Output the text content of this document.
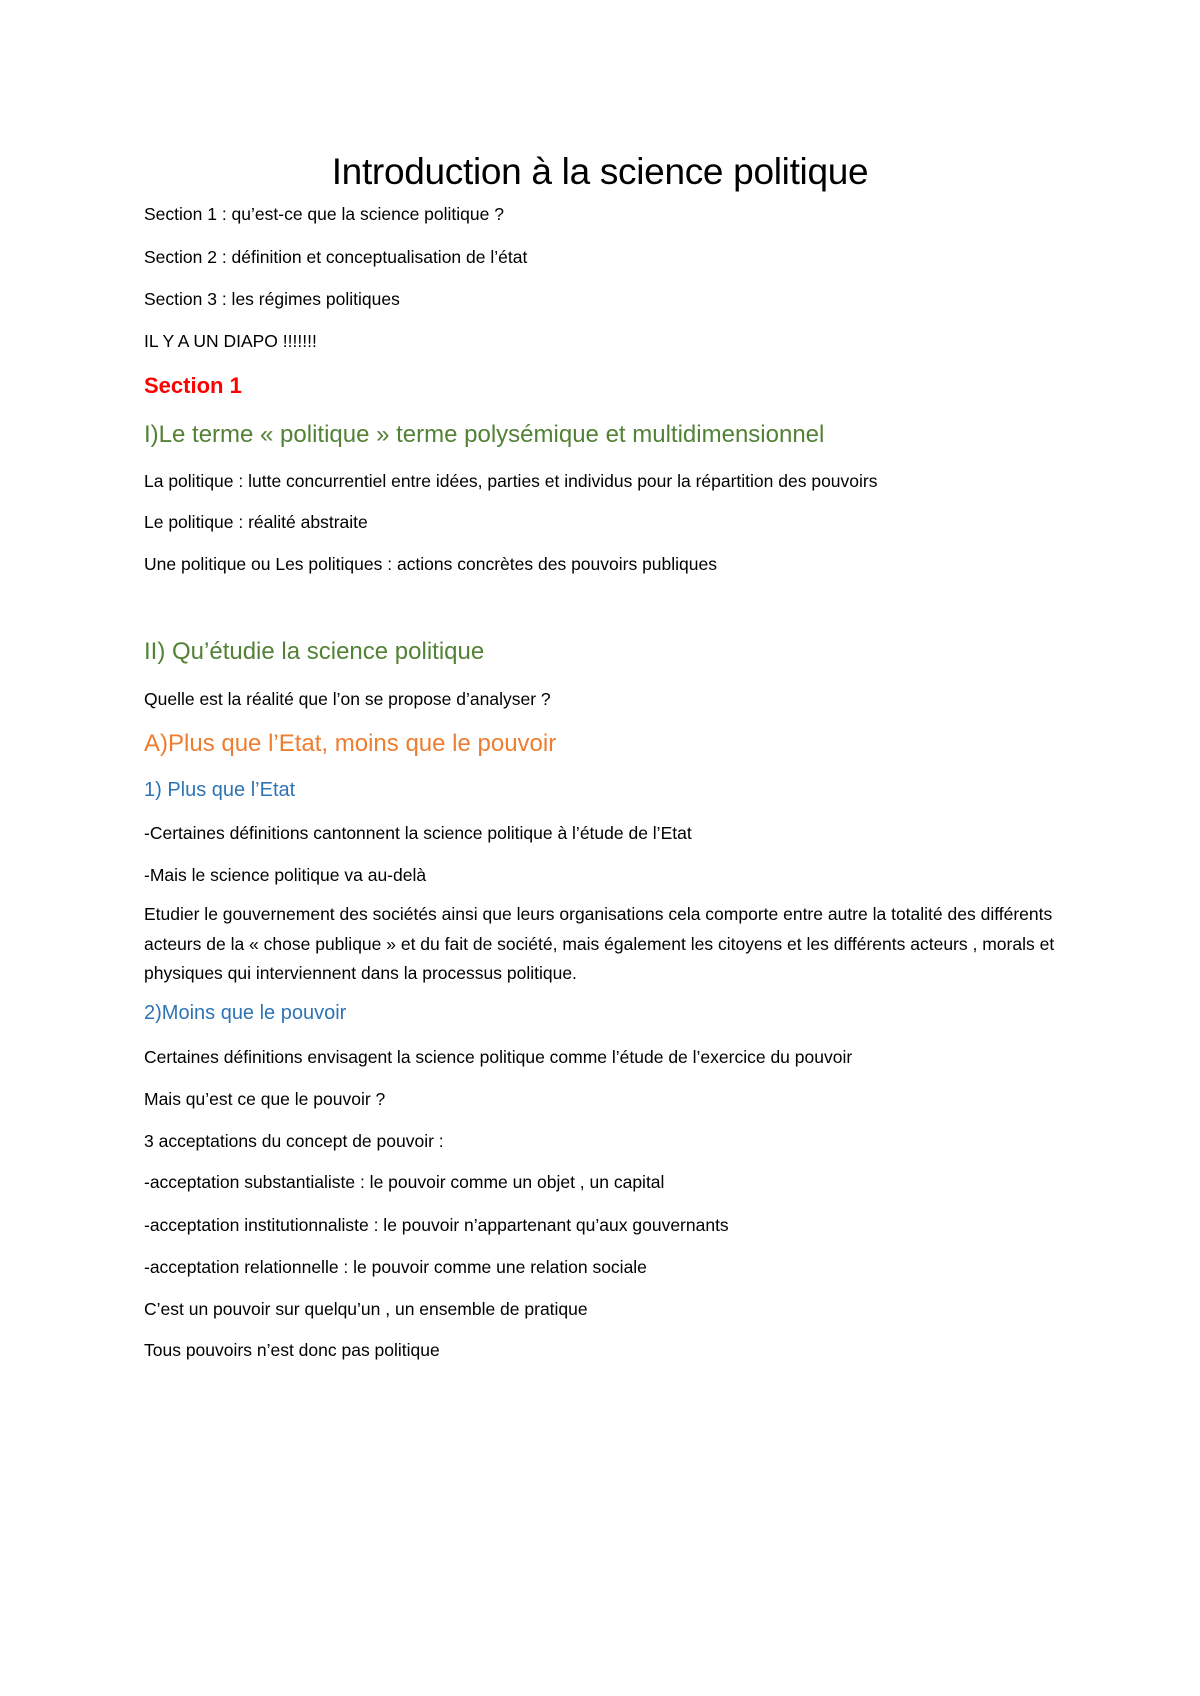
Introduction à la science politique
Section 1 : qu’est-ce que la science politique ?
Section 2 : définition et conceptualisation de l’état
Section 3 : les régimes politiques
IL Y A UN DIAPO !!!!!!!
Section 1
I)Le terme « politique » terme polysémique et multidimensionnel
La politique : lutte concurrentiel entre idées, parties et individus pour la répartition des pouvoirs
Le politique : réalité abstraite
Une politique ou Les politiques : actions concrètes des pouvoirs publiques
II) Qu’étudie la science politique
Quelle est la réalité que l’on se propose d’analyser ?
A)Plus que l’Etat, moins que le pouvoir
1) Plus que l’Etat
-Certaines définitions cantonnent la science politique à l’étude de l’Etat
-Mais le science politique va au-delà
Etudier le gouvernement des sociétés ainsi que leurs organisations cela comporte entre autre la totalité des différents acteurs de la « chose publique » et du fait de société, mais également les citoyens et les différents acteurs , morals et physiques qui interviennent dans la processus politique.
2)Moins que le pouvoir
Certaines définitions envisagent la science politique comme l’étude de l’exercice du pouvoir
Mais qu’est ce que le pouvoir ?
3 acceptations du concept de pouvoir :
-acceptation substantialiste : le pouvoir comme un objet , un capital
-acceptation institutionnaliste : le pouvoir n’appartenant qu’aux gouvernants
-acceptation relationnelle : le pouvoir comme une relation sociale
C’est un pouvoir sur quelqu’un , un ensemble de pratique
Tous pouvoirs n’est donc pas politique
